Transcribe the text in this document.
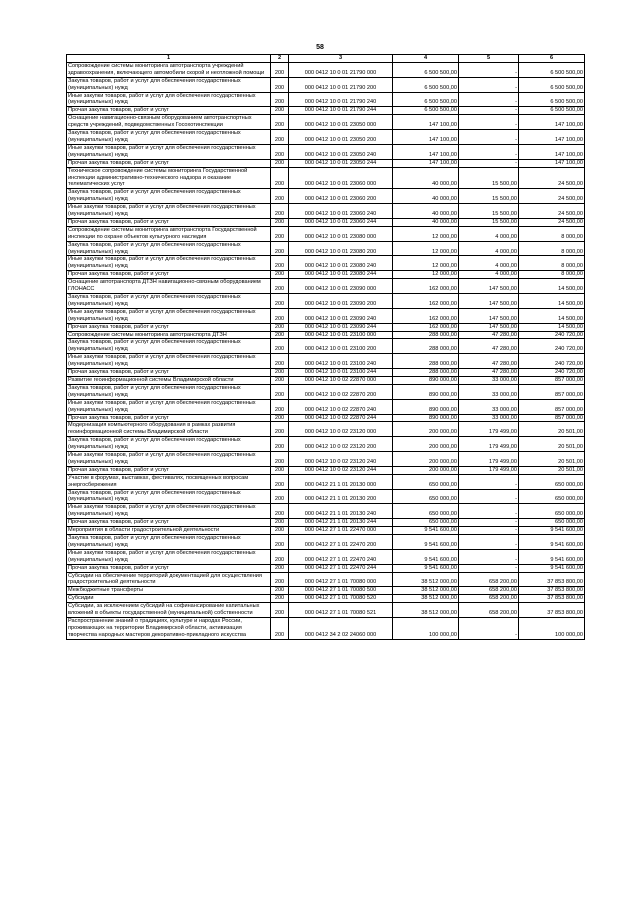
58
1	2	3	4	5	6
Сопровождение системы мониторинга автотранспорта учреждений здравоохранения, включающего автомобили скорой и неотложной помощи	200	000 0412 10 0 01 21790 000	6 500 500,00	-	6 500 500,00
Закупка товаров, работ и услуг для обеспечения государственных (муниципальных) нужд	200	000 0412 10 0 01 21790 200	6 500 500,00	-	6 500 500,00
Иные закупки товаров, работ и услуг для обеспечения государственных (муниципальных) нужд	200	000 0412 10 0 01 21790 240	6 500 500,00	-	6 500 500,00
Прочая закупка товаров, работ и услуг	200	000 0412 10 0 01 21790 244	6 500 500,00	-	6 500 500,00
Оснащение навигационно-связным оборудованием автотранспортных средств учреждений, подведомственных Госохотинспекции	200	000 0412 10 0 01 23050 000	147 100,00	-	147 100,00
Закупка товаров, работ и услуг для обеспечения государственных (муниципальных) нужд	200	000 0412 10 0 01 23050 200	147 100,00	-	147 100,00
Иные закупки товаров, работ и услуг для обеспечения государственных (муниципальных) нужд	200	000 0412 10 0 01 23050 240	147 100,00	-	147 100,00
Прочая закупка товаров, работ и услуг	200	000 0412 10 0 01 23050 244	147 100,00	-	147 100,00
Техническое сопровождение системы мониторинга Государственной инспекции административно-технического надзора и оказание телематических услуг	200	000 0412 10 0 01 23060 000	40 000,00	15 500,00	24 500,00
Закупка товаров, работ и услуг для обеспечения государственных (муниципальных) нужд	200	000 0412 10 0 01 23060 200	40 000,00	15 500,00	24 500,00
Иные закупки товаров, работ и услуг для обеспечения государственных (муниципальных) нужд	200	000 0412 10 0 01 23060 240	40 000,00	15 500,00	24 500,00
Прочая закупка товаров, работ и услуг	200	000 0412 10 0 01 23060 244	40 000,00	15 500,00	24 500,00
Сопровождение системы мониторинга автотранспорта Государственной инспекции по охране объектов культурного наследия	200	000 0412 10 0 01 23080 000	12 000,00	4 000,00	8 000,00
Закупка товаров, работ и услуг для обеспечения государственных (муниципальных) нужд	200	000 0412 10 0 01 23080 200	12 000,00	4 000,00	8 000,00
Иные закупки товаров, работ и услуг для обеспечения государственных (муниципальных) нужд	200	000 0412 10 0 01 23080 240	12 000,00	4 000,00	8 000,00
Прочая закупка товаров, работ и услуг	200	000 0412 10 0 01 23080 244	12 000,00	4 000,00	8 000,00
Оснащение автотранспорта ДТЗН навигационно-связным оборудованием ГЛОНАСС	200	000 0412 10 0 01 23090 000	162 000,00	147 500,00	14 500,00
Закупка товаров, работ и услуг для обеспечения государственных (муниципальных) нужд	200	000 0412 10 0 01 23090 200	162 000,00	147 500,00	14 500,00
Иные закупки товаров, работ и услуг для обеспечения государственных (муниципальных) нужд	200	000 0412 10 0 01 23090 240	162 000,00	147 500,00	14 500,00
Прочая закупка товаров, работ и услуг	200	000 0412 10 0 01 23090 244	162 000,00	147 500,00	14 500,00
Сопровождение системы мониторинга автотранспорта ДТЗН	200	000 0412 10 0 01 23100 000	288 000,00	47 280,00	240 720,00
Закупка товаров, работ и услуг для обеспечения государственных (муниципальных) нужд	200	000 0412 10 0 01 23100 200	288 000,00	47 280,00	240 720,00
Иные закупки товаров, работ и услуг для обеспечения государственных (муниципальных) нужд	200	000 0412 10 0 01 23100 240	288 000,00	47 280,00	240 720,00
Прочая закупка товаров, работ и услуг	200	000 0412 10 0 01 23100 244	288 000,00	47 280,00	240 720,00
Развитие геоинформационной системы Владимирской области	200	000 0412 10 0 02 22870 000	890 000,00	33 000,00	857 000,00
Закупка товаров, работ и услуг для обеспечения государственных (муниципальных) нужд	200	000 0412 10 0 02 22870 200	890 000,00	33 000,00	857 000,00
Иные закупки товаров, работ и услуг для обеспечения государственных (муниципальных) нужд	200	000 0412 10 0 02 22870 240	890 000,00	33 000,00	857 000,00
Прочая закупка товаров, работ и услуг	200	000 0412 10 0 02 22870 244	890 000,00	33 000,00	857 000,00
Модернизация компьютерного оборудования в рамках развития геоинформационной системы Владимирской области	200	000 0412 10 0 02 23120 000	200 000,00	179 499,00	20 501,00
Закупка товаров, работ и услуг для обеспечения государственных (муниципальных) нужд	200	000 0412 10 0 02 23120 200	200 000,00	179 499,00	20 501,00
Иные закупки товаров, работ и услуг для обеспечения государственных (муниципальных) нужд	200	000 0412 10 0 02 23120 240	200 000,00	179 499,00	20 501,00
Прочая закупка товаров, работ и услуг	200	000 0412 10 0 02 23120 244	200 000,00	179 499,00	20 501,00
Участие в форумах, выставках, фестивалях, посвященных вопросам энергосбережения	200	000 0412 21 1 01 20130 000	650 000,00	-	650 000,00
Закупка товаров, работ и услуг для обеспечения государственных (муниципальных) нужд	200	000 0412 21 1 01 20130 200	650 000,00	-	650 000,00
Иные закупки товаров, работ и услуг для обеспечения государственных (муниципальных) нужд	200	000 0412 21 1 01 20130 240	650 000,00	-	650 000,00
Прочая закупка товаров, работ и услуг	200	000 0412 21 1 01 20130 244	650 000,00	-	650 000,00
Мероприятия в области градостроительной деятельности	200	000 0412 27 1 01 22470 000	9 541 600,00	-	9 541 600,00
Закупка товаров, работ и услуг для обеспечения государственных (муниципальных) нужд	200	000 0412 27 1 01 22470 200	9 541 600,00	-	9 541 600,00
Иные закупки товаров, работ и услуг для обеспечения государственных (муниципальных) нужд	200	000 0412 27 1 01 22470 240	9 541 600,00	-	9 541 600,00
Прочая закупка товаров, работ и услуг	200	000 0412 27 1 01 22470 244	9 541 600,00	-	9 541 600,00
Субсидии на обеспечение территорий документацией для осуществления градостроительной деятельности	200	000 0412 27 1 01 70080 000	38 512 000,00	658 200,00	37 853 800,00
Межбюджетные трансферты	200	000 0412 27 1 01 70080 500	38 512 000,00	658 200,00	37 853 800,00
Субсидии	200	000 0412 27 1 01 70080 520	38 512 000,00	658 200,00	37 853 800,00
Субсидии, за исключением субсидий на софинансирование капитальных вложений в объекты государственной (муниципальной) собственности	200	000 0412 27 1 01 70080 521	38 512 000,00	658 200,00	37 853 800,00
Распространение знаний о традициях, культуре и народах России, проживающих на территории Владимирской области, активизация творчества народных мастеров декоративно-прикладного искусства	200	000 0412 34 2 02 24060 000	100 000,00	-	100 000,00
